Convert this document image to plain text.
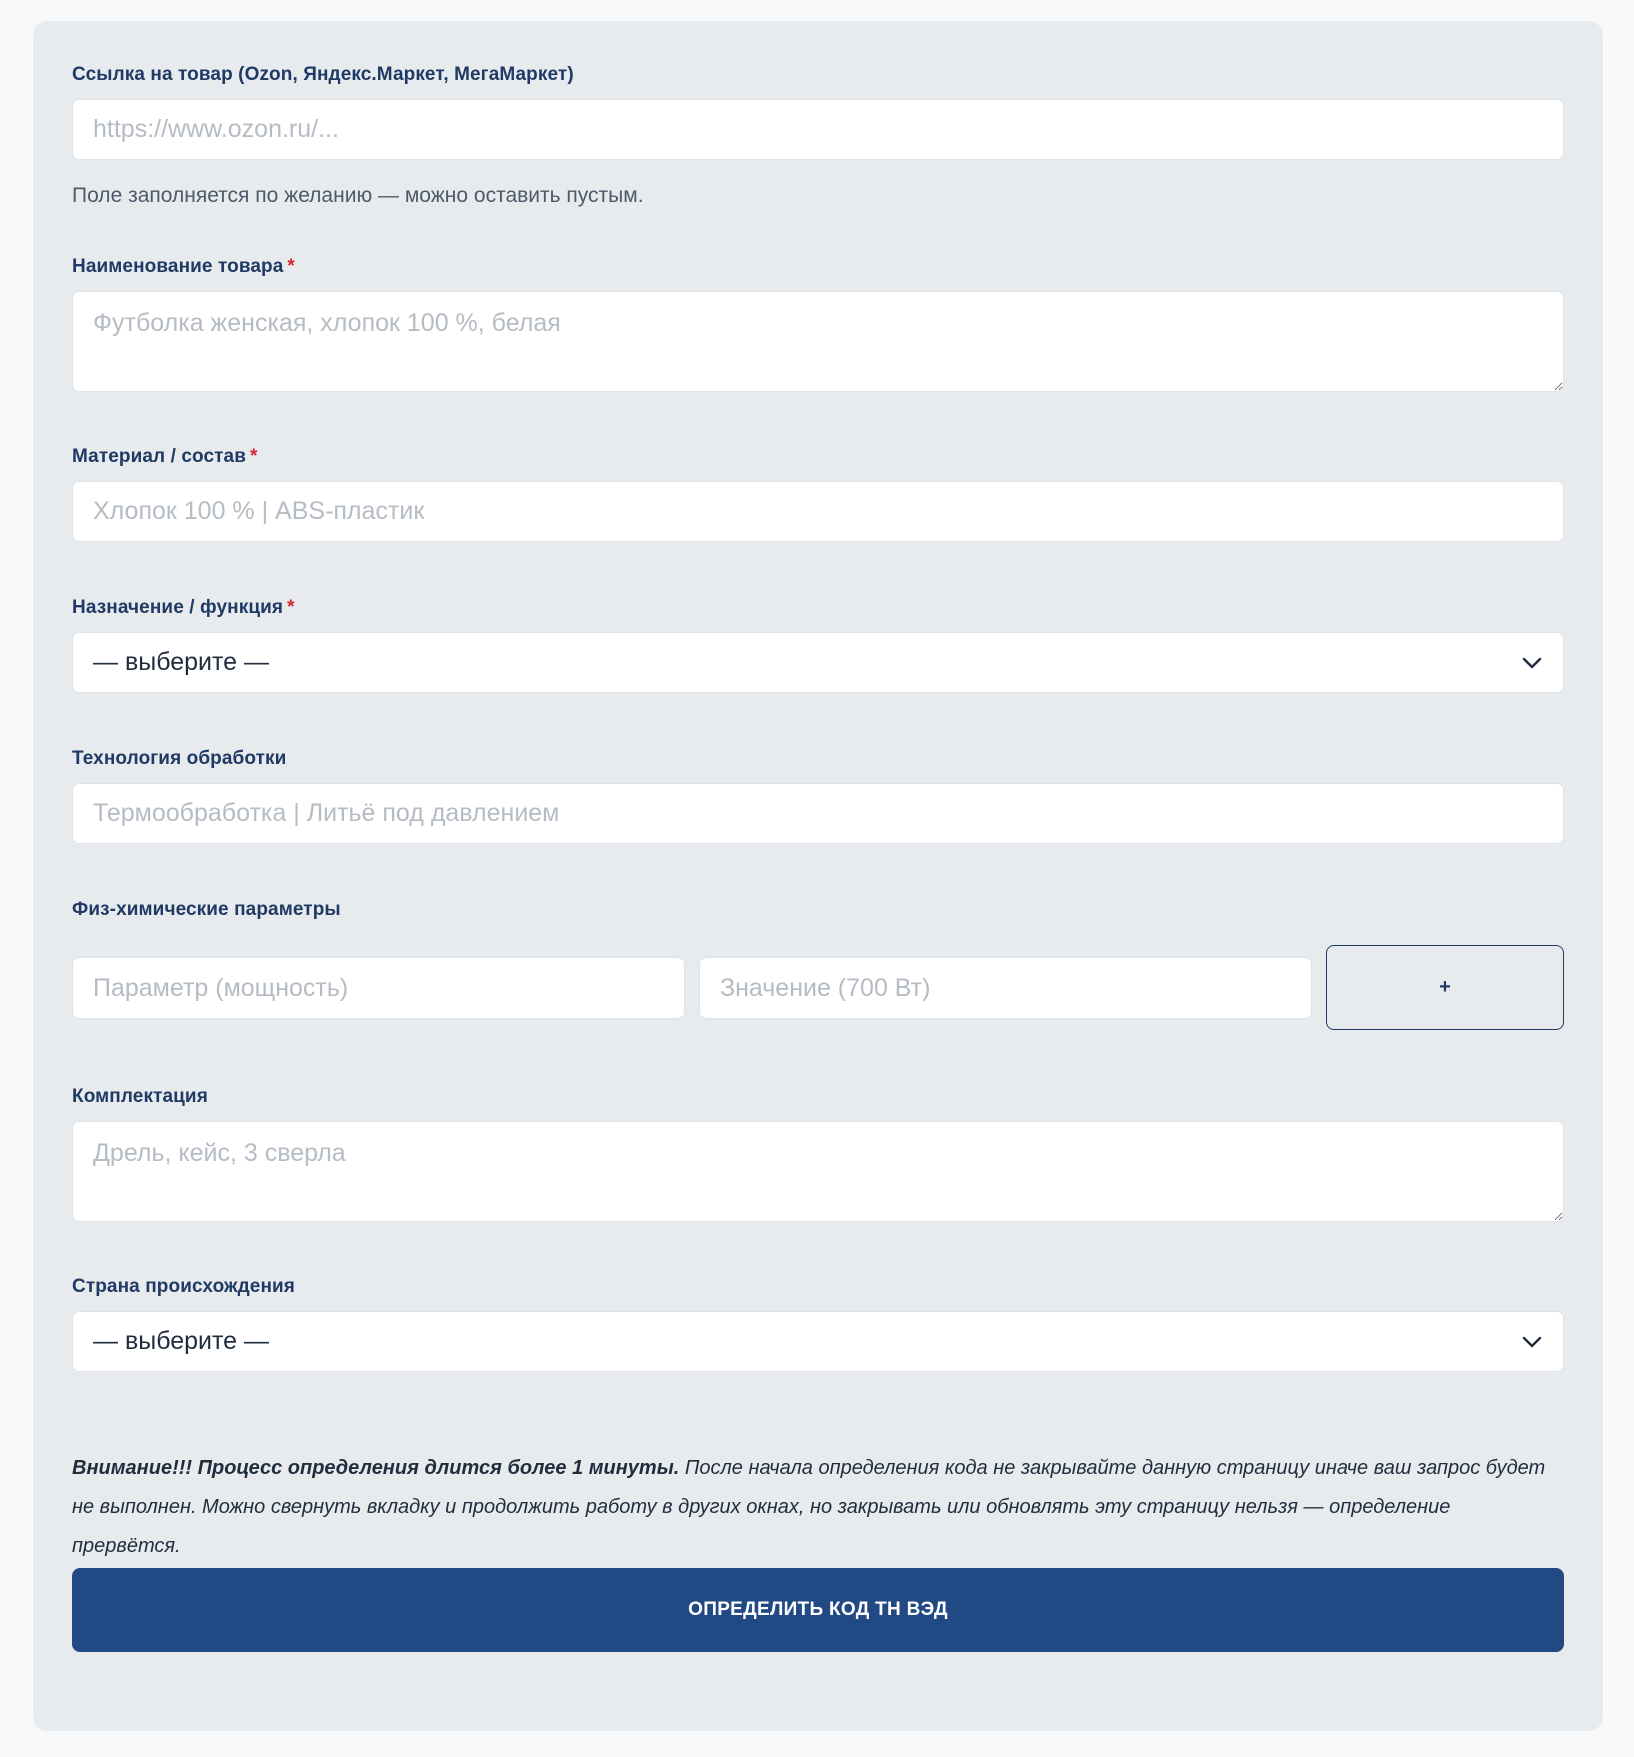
Ссылка на товар (Ozon, Яндекс.Маркет, МегаМаркет)
https://www.ozon.ru/...
Поле заполняется по желанию — можно оставить пустым.
Наименование товара *
Футболка женская, хлопок 100 %, белая
Материал / состав *
Хлопок 100 % | ABS-пластик
Назначение / функция *
— выберите —
Технология обработки
Термообработка | Литьё под давлением
Физ-химические параметры
Параметр (мощность)
Значение (700 Вт)
+
Комплектация
Дрель, кейс, 3 сверла
Страна происхождения
— выберите —
Внимание!!! Процесс определения длится более 1 минуты. После начала определения кода не закрывайте данную страницу иначе ваш запрос будет не выполнен. Можно свернуть вкладку и продолжить работу в других окнах, но закрывать или обновлять эту страницу нельзя — определение прервётся.
ОПРЕДЕЛИТЬ КОД ТН ВЭД
